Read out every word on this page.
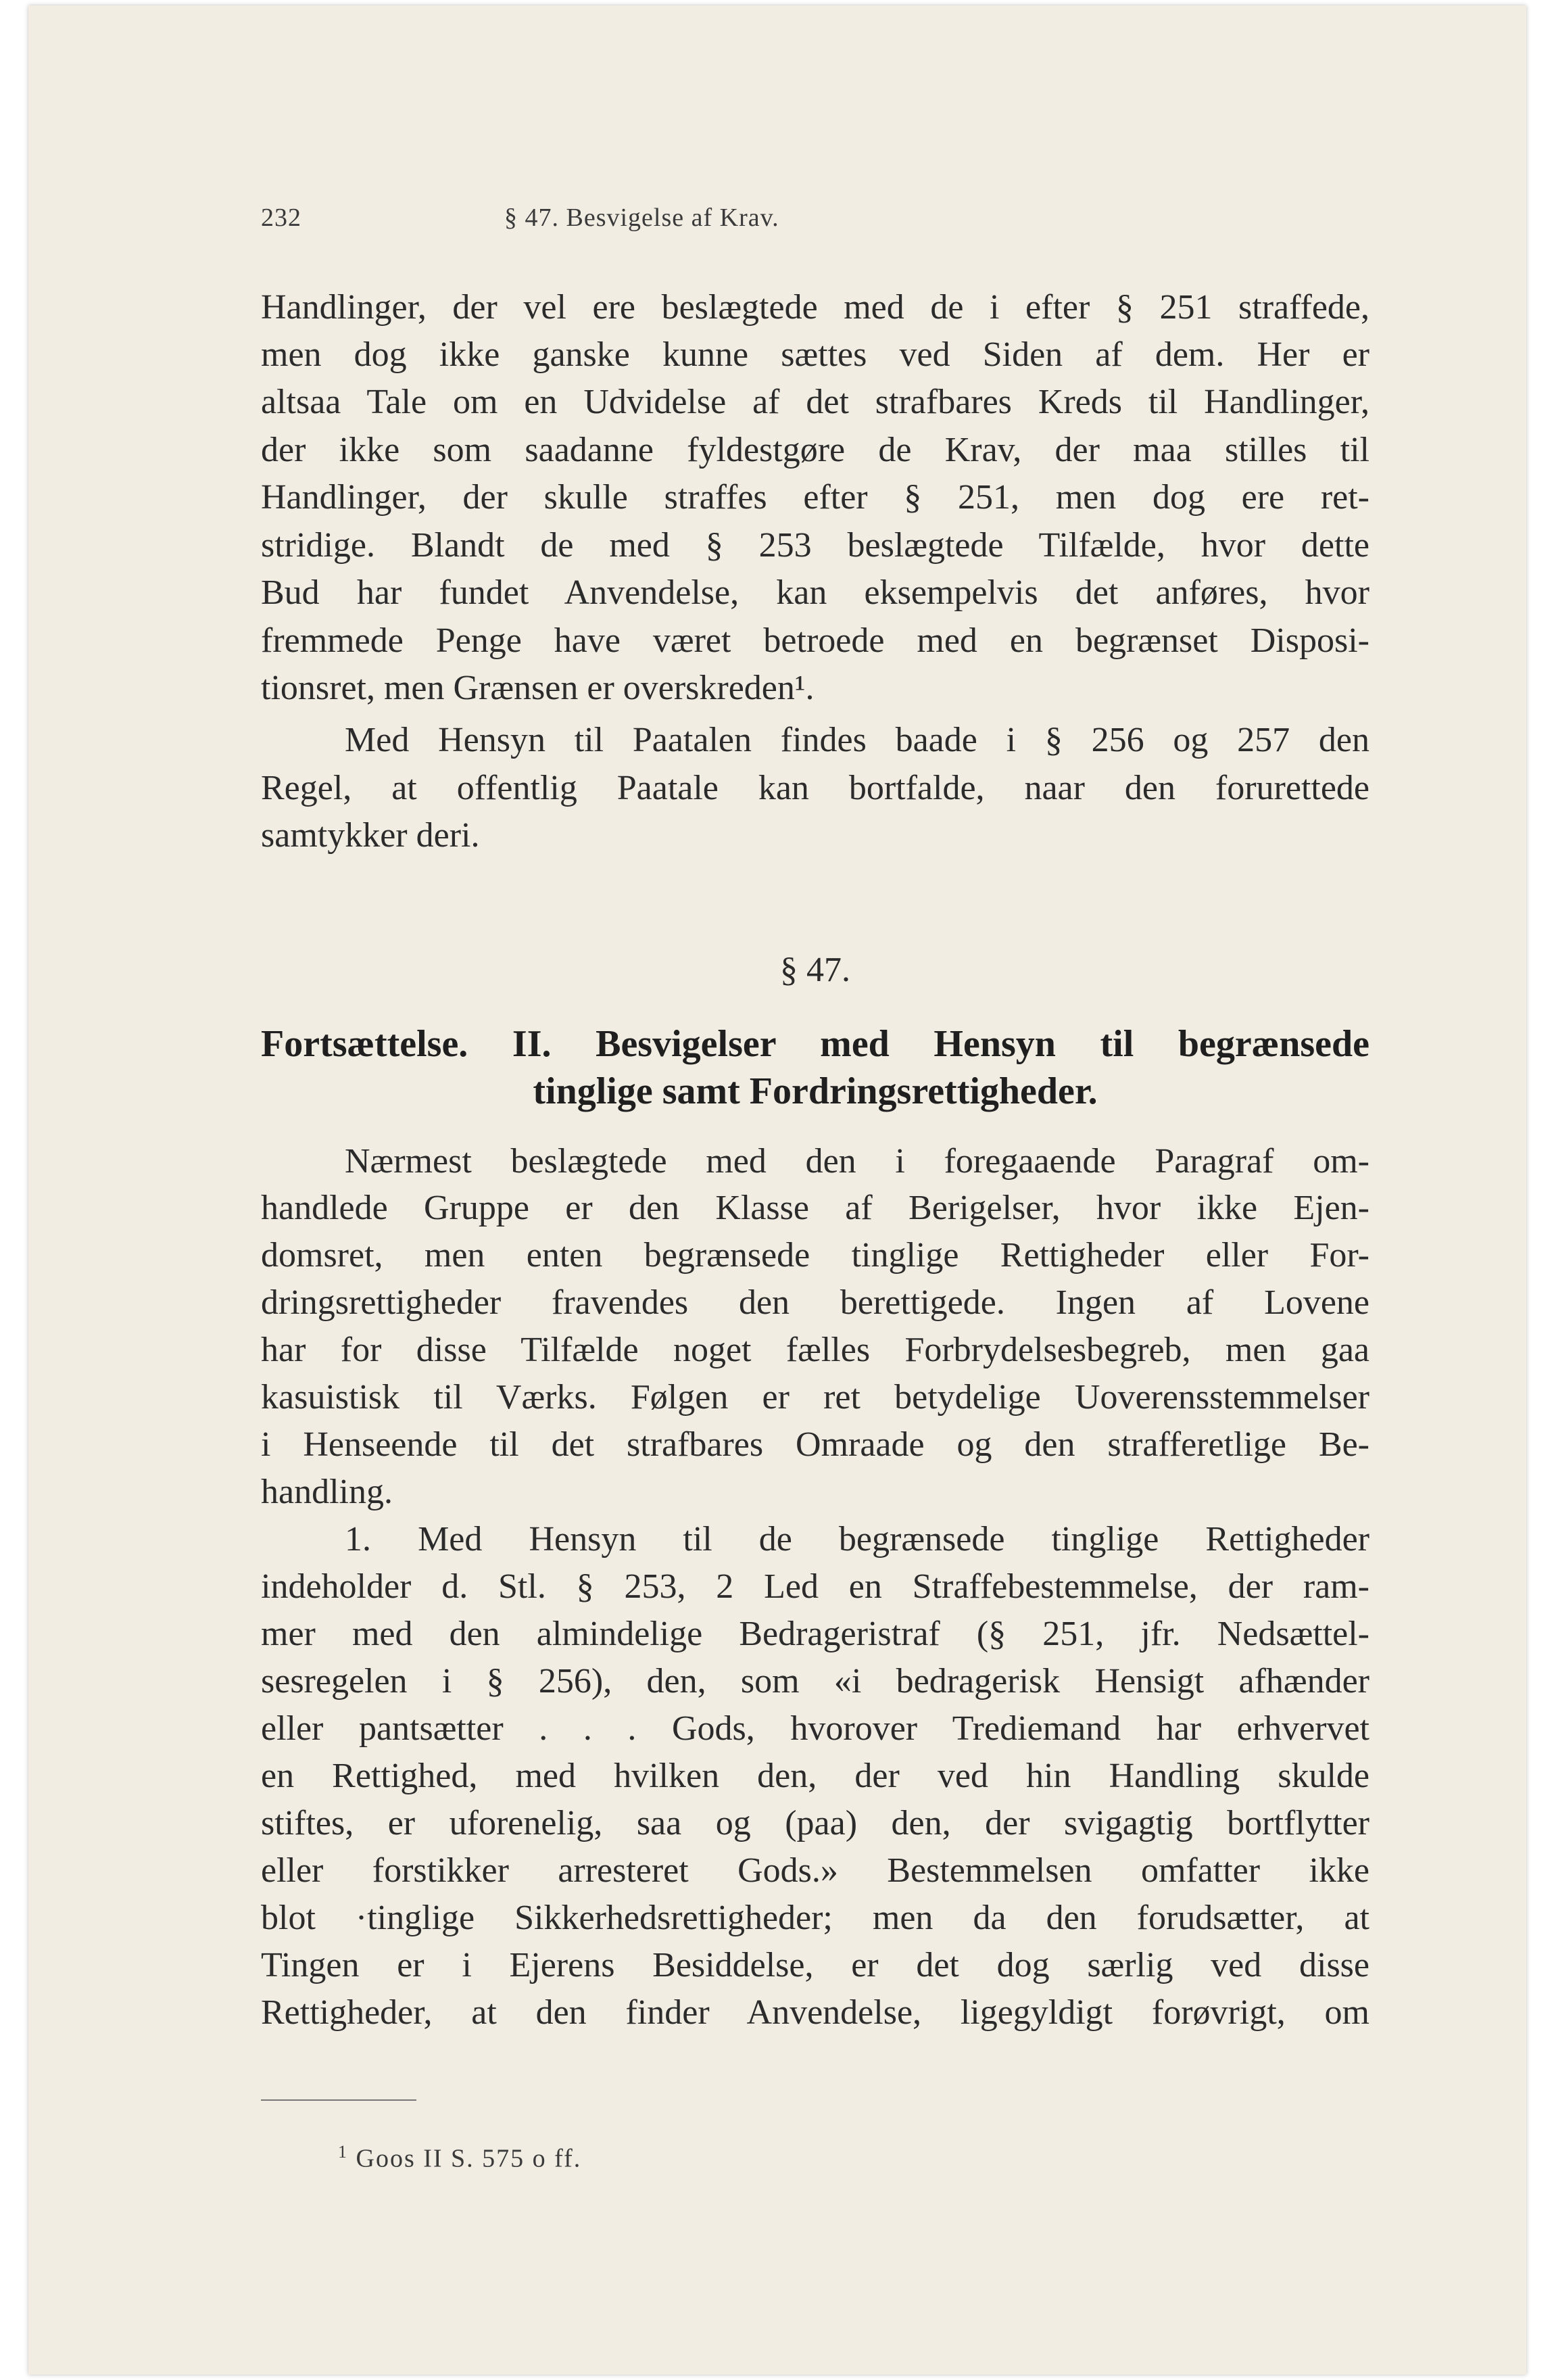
232	§ 47. Besvigelse af Krav.
Handlinger, der vel ere beslægtede med de i efter § 251 straffede,
men dog ikke ganske kunne sættes ved Siden af dem. Her er
altsaa Tale om en Udvidelse af det strafbares Kreds til Handlinger,
der ikke som saadanne fyldestgøre de Krav, der maa stilles til
Handlinger, der skulle straffes efter § 251, men dog ere ret-
stridige. Blandt de med § 253 beslægtede Tilfælde, hvor dette
Bud har fundet Anvendelse, kan eksempelvis det anføres, hvor
fremmede Penge have været betroede med en begrænset Disposi-
tionsret, men Grænsen er overskreden¹.
Med Hensyn til Paatalen findes baade i § 256 og 257 den
Regel, at offentlig Paatale kan bortfalde, naar den forurettede
samtykker deri.
§ 47.
Fortsættelse. II. Besvigelser med Hensyn til begrænsede
tinglige samt Fordringsrettigheder.
Nærmest beslægtede med den i foregaaende Paragraf om-
handlede Gruppe er den Klasse af Berigelser, hvor ikke Ejen-
domsret, men enten begrænsede tinglige Rettigheder eller For-
dringsrettigheder fravendes den berettigede. Ingen af Lovene
har for disse Tilfælde noget fælles Forbrydelsesbegreb, men gaa
kasuistisk til Værks. Følgen er ret betydelige Uoverensstemmelser
i Henseende til det strafbares Omraade og den strafferetlige Be-
handling.
1. Med Hensyn til de begrænsede tinglige Rettigheder
indeholder d. Stl. § 253, 2 Led en Straffebestemmelse, der ram-
mer med den almindelige Bedrageristraf (§ 251, jfr. Nedsættel-
sesregelen i § 256), den, som «i bedragerisk Hensigt afhænder
eller pantsætter . . . Gods, hvorover Trediemand har erhvervet
en Rettighed, med hvilken den, der ved hin Handling skulde
stiftes, er uforenelig, saa og (paa) den, der svigagtig bortflytter
eller forstikker arresteret Gods.» Bestemmelsen omfatter ikke
blot ·tinglige Sikkerhedsrettigheder; men da den forudsætter, at
Tingen er i Ejerens Besiddelse, er det dog særlig ved disse
Rettigheder, at den finder Anvendelse, ligegyldigt forøvrigt, om
$^1$ Goos II S. 575 o ff.
